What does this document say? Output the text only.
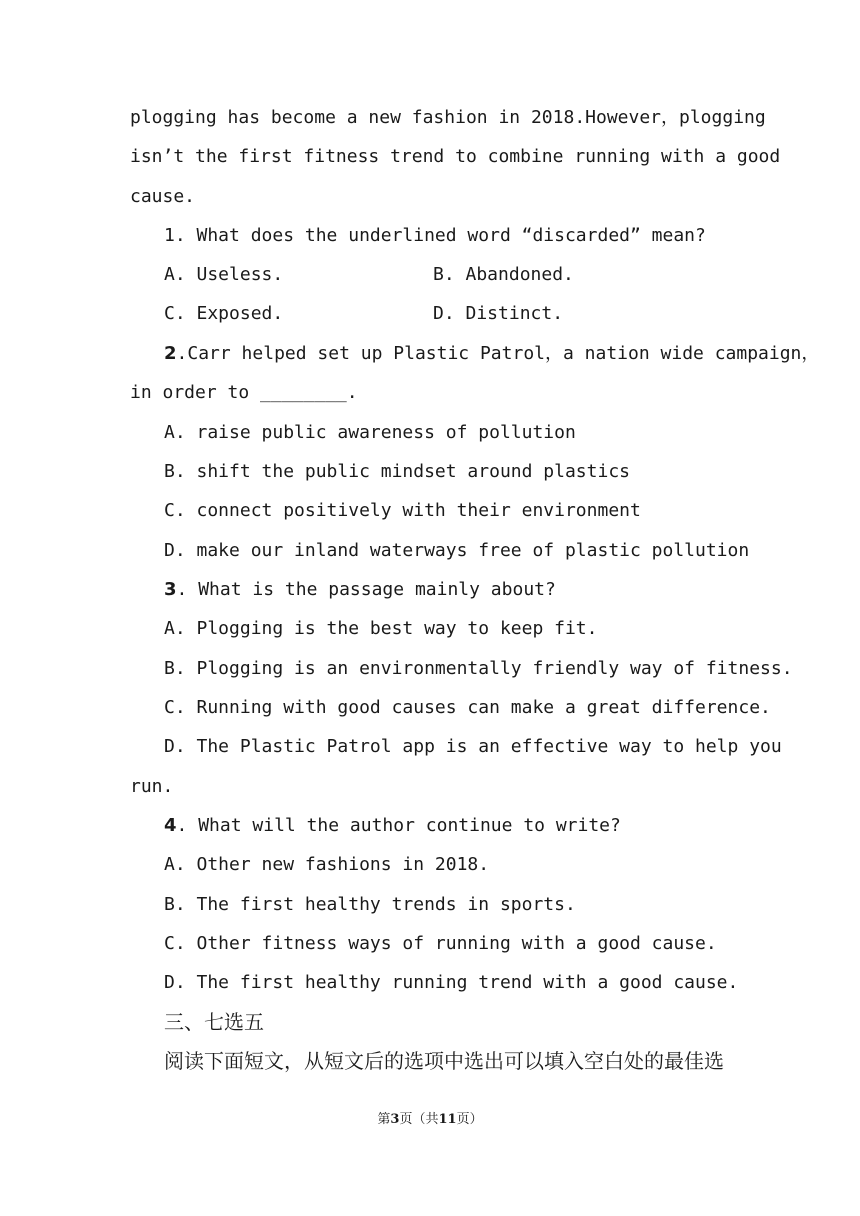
plogging has become a new fashion in 2018.However，plogging
isn’t the first fitness trend to combine running with a good
cause.
1. What does the underlined word “discarded” mean?
A. Useless.	B. Abandoned.
C. Exposed.	D. Distinct.
2.Carr helped set up Plastic Patrol，a nation wide campaign，
in order to ________.
A. raise public awareness of pollution
B. shift the public mindset around plastics
C. connect positively with their environment
D. make our inland waterways free of plastic pollution
3. What is the passage mainly about?
A. Plogging is the best way to keep fit.
B. Plogging is an environmentally friendly way of fitness.
C. Running with good causes can make a great difference.
D. The Plastic Patrol app is an effective way to help you
run.
4. What will the author continue to write?
A. Other new fashions in 2018.
B. The first healthy trends in sports.
C. Other fitness ways of running with a good cause.
D. The first healthy running trend with a good cause.
三、七选五
阅读下面短文，从短文后的选项中选出可以填入空白处的最佳选
第3页（共11页）
